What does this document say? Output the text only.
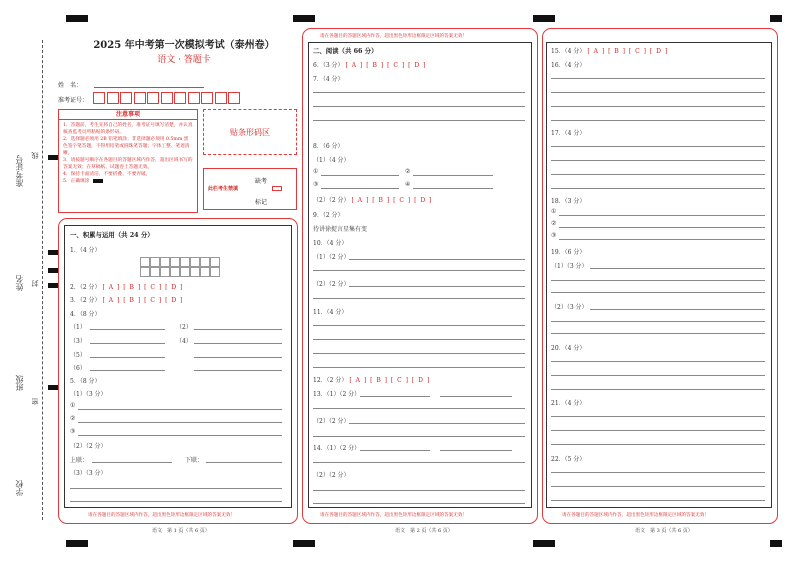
准考证号 线
姓名 封
班级
密
学校
2025 年中考第一次模拟考试（泰州卷）
语文 · 答题卡
姓　名：
准考证号：
贴条形码区
注意事项
1．答题前，考生先将自己的姓名，准考证号填写清楚，并认真核查监考员所粘贴的条形码。
2．选择题必须用 2B 铅笔填涂；非选择题必须用 0.5mm 黑色签字笔答题，不得用铅笔或圆珠笔答题；字体工整、笔迹清晰。
3．请按题号顺序在各题目的答题区域内作答，超出区域书写的答案无效；在草稿纸、试题卷上答题无效。
4．保持卡面清洁，不要折叠、不要弄破。
5．正确填涂	缺考
此栏考生禁填
标记
请在各题目的答题区域内作答，超出黑色矩形边框限定区域的答案无效！
语文　第 1 页（共 6 页）
一、积累与运用（共 24 分）
1．（4 分）
2．（2 分） [ A ] [ B ] [ C ] [ D ]
3．（2 分） [ A ] [ B ] [ C ] [ D ]
4．（8 分）
（1）	（2）
（3）	（4）
（5）
（6）
5．（8 分）
（1）（3 分）
①
②
③
（2）（2 分）
上联：	下联：
（3）（3 分）
请在各题目的答题区域内作答，超出黑色矩形边框限定区域的答案无效！
请在各题目的答题区域内作答，超出黑色矩形边框限定区域的答案无效！
语文　第 2 页（共 6 页）
二、阅读（共 66 分）
6．（3 分） [ A ] [ B ] [ C ] [ D ]
7．（4 分）
8．（6 分）
（1）（4 分）
①	②
③	④
（2）（2 分） [ A ] [ B ] [ C ] [ D ]
9．（2 分）
待讲徐捉言星集有变
10．（4 分）
（1）（2 分）
（2）（2 分）
11．（4 分）
12．（2 分） [ A ] [ B ] [ C ] [ D ]
13．（1）（2 分）
（2）（2 分）
14．（1）（2 分）
（2）（2 分）
请在各题目的答题区域内作答，超出黑色矩形边框限定区域的答案无效！
语文　第 3 页（共 6 页）
15．（4 分） [ A ] [ B ] [ C ] [ D ]
16．（4 分）
17．（4 分）
18．（3 分）
①
②
③
19．（6 分）
（1）（3 分）
（2）（3 分）
20．（4 分）
21．（4 分）
22．（5 分）
